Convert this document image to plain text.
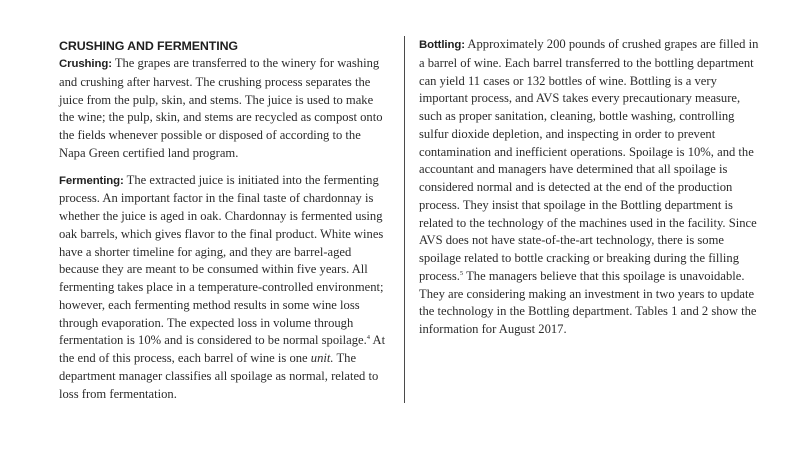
CRUSHING AND FERMENTING

Crushing: The grapes are transferred to the winery for washing and crushing after harvest. The crushing process separates the juice from the pulp, skin, and stems. The juice is used to make the wine; the pulp, skin, and stems are recycled as compost onto the fields whenever possible or disposed of according to the Napa Green certified land program.

Fermenting: The extracted juice is initiated into the fermenting process. An important factor in the final taste of chardonnay is whether the juice is aged in oak. Chardonnay is fermented using oak barrels, which gives flavor to the final product. White wines have a shorter timeline for aging, and they are barrel-aged because they are meant to be consumed within five years. All fermenting takes place in a temperature-controlled environment; however, each fermenting method results in some wine loss through evaporation. The expected loss in volume through fermentation is 10% and is considered to be normal spoilage.$^4$ At the end of this process, each barrel of wine is one unit. The department manager classifies all spoilage as normal, related to loss from fermentation.

Bottling: Approximately 200 pounds of crushed grapes are filled in a barrel of wine. Each barrel transferred to the bottling department can yield 11 cases or 132 bottles of wine. Bottling is a very important process, and AVS takes every precautionary measure, such as proper sanitation, cleaning, bottle washing, controlling sulfur dioxide depletion, and inspecting in order to prevent contamination and inefficient operations. Spoilage is 10%, and the accountant and managers have determined that all spoilage is considered normal and is detected at the end of the production process. They insist that spoilage in the Bottling department is related to the technology of the machines used in the facility. Since AVS does not have state-of-the-art technology, there is some spoilage related to bottle cracking or breaking during the filling process.$^5$ The managers believe that this spoilage is unavoidable. They are considering making an investment in two years to update the technology in the Bottling department. Tables 1 and 2 show the information for August 2017.
